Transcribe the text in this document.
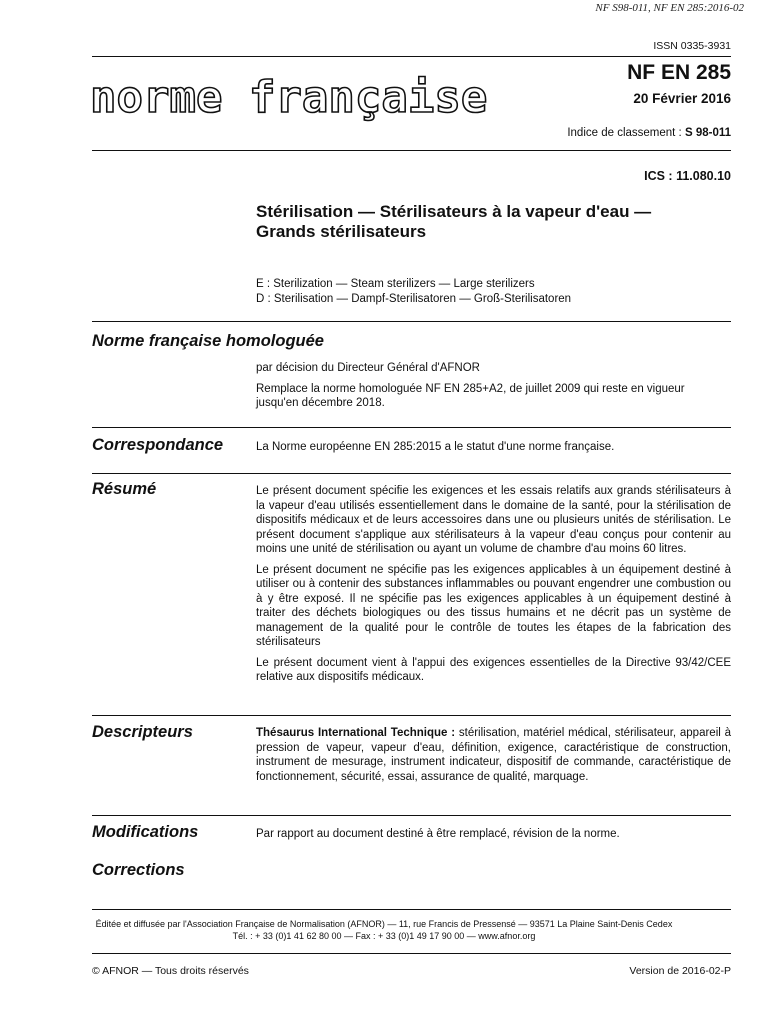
NF S98-011, NF EN 285:2016-02
ISSN 0335-3931
norme française	NF EN 285
20 Février 2016
Indice de classement : S 98-011
ICS : 11.080.10
Stérilisation — Stérilisateurs à la vapeur d'eau —
Grands stérilisateurs
E : Sterilization — Steam sterilizers — Large sterilizers
D : Sterilisation — Dampf-Sterilisatoren — Groß-Sterilisatoren
Norme française homologuée

par décision du Directeur Général d'AFNOR

Remplace la norme homologuée NF EN 285+A2, de juillet 2009 qui reste en vigueur

jusqu'en décembre 2018.

Correspondance	La Norme européenne EN 285:2015 a le statut d'une norme française.

Résumé	Le présent document spécifie les exigences et les essais relatifs aux grands stérilisateurs à la vapeur d'eau utilisés essentiellement dans le domaine de la santé, pour la stérilisation de dispositifs médicaux et de leurs accessoires dans une ou plusieurs unités de stérilisation. Le présent document s'applique aux stérilisateurs à la vapeur d'eau conçus pour contenir au moins une unité de stérilisation ou ayant un volume de chambre d'au moins 60 litres.

Le présent document ne spécifie pas les exigences applicables à un équipement destiné à utiliser ou à contenir des substances inflammables ou pouvant engendrer une combustion ou à y être exposé. Il ne spécifie pas les exigences applicables à un équipement destiné à traiter des déchets biologiques ou des tissus humains et ne décrit pas un système de management de la qualité pour le contrôle de toutes les étapes de la fabrication des stérilisateurs

Le présent document vient à l'appui des exigences essentielles de la Directive 93/42/CEE relative aux dispositifs médicaux.

Descripteurs	Thésaurus International Technique : stérilisation, matériel médical, stérilisateur, appareil à pression de vapeur, vapeur d'eau, définition, exigence, caractéristique de construction, instrument de mesurage, instrument indicateur, dispositif de commande, caractéristique de fonctionnement, sécurité, essai, assurance de qualité, marquage.

Modifications	Par rapport au document destiné à être remplacé, révision de la norme.

Corrections
Éditée et diffusée par l'Association Française de Normalisation (AFNOR) — 11, rue Francis de Pressensé — 93571 La Plaine Saint-Denis Cedex
Tél. : + 33 (0)1 41 62 80 00 — Fax : + 33 (0)1 49 17 90 00 — www.afnor.org
© AFNOR — Tous droits réservés	Version de 2016-02-P
